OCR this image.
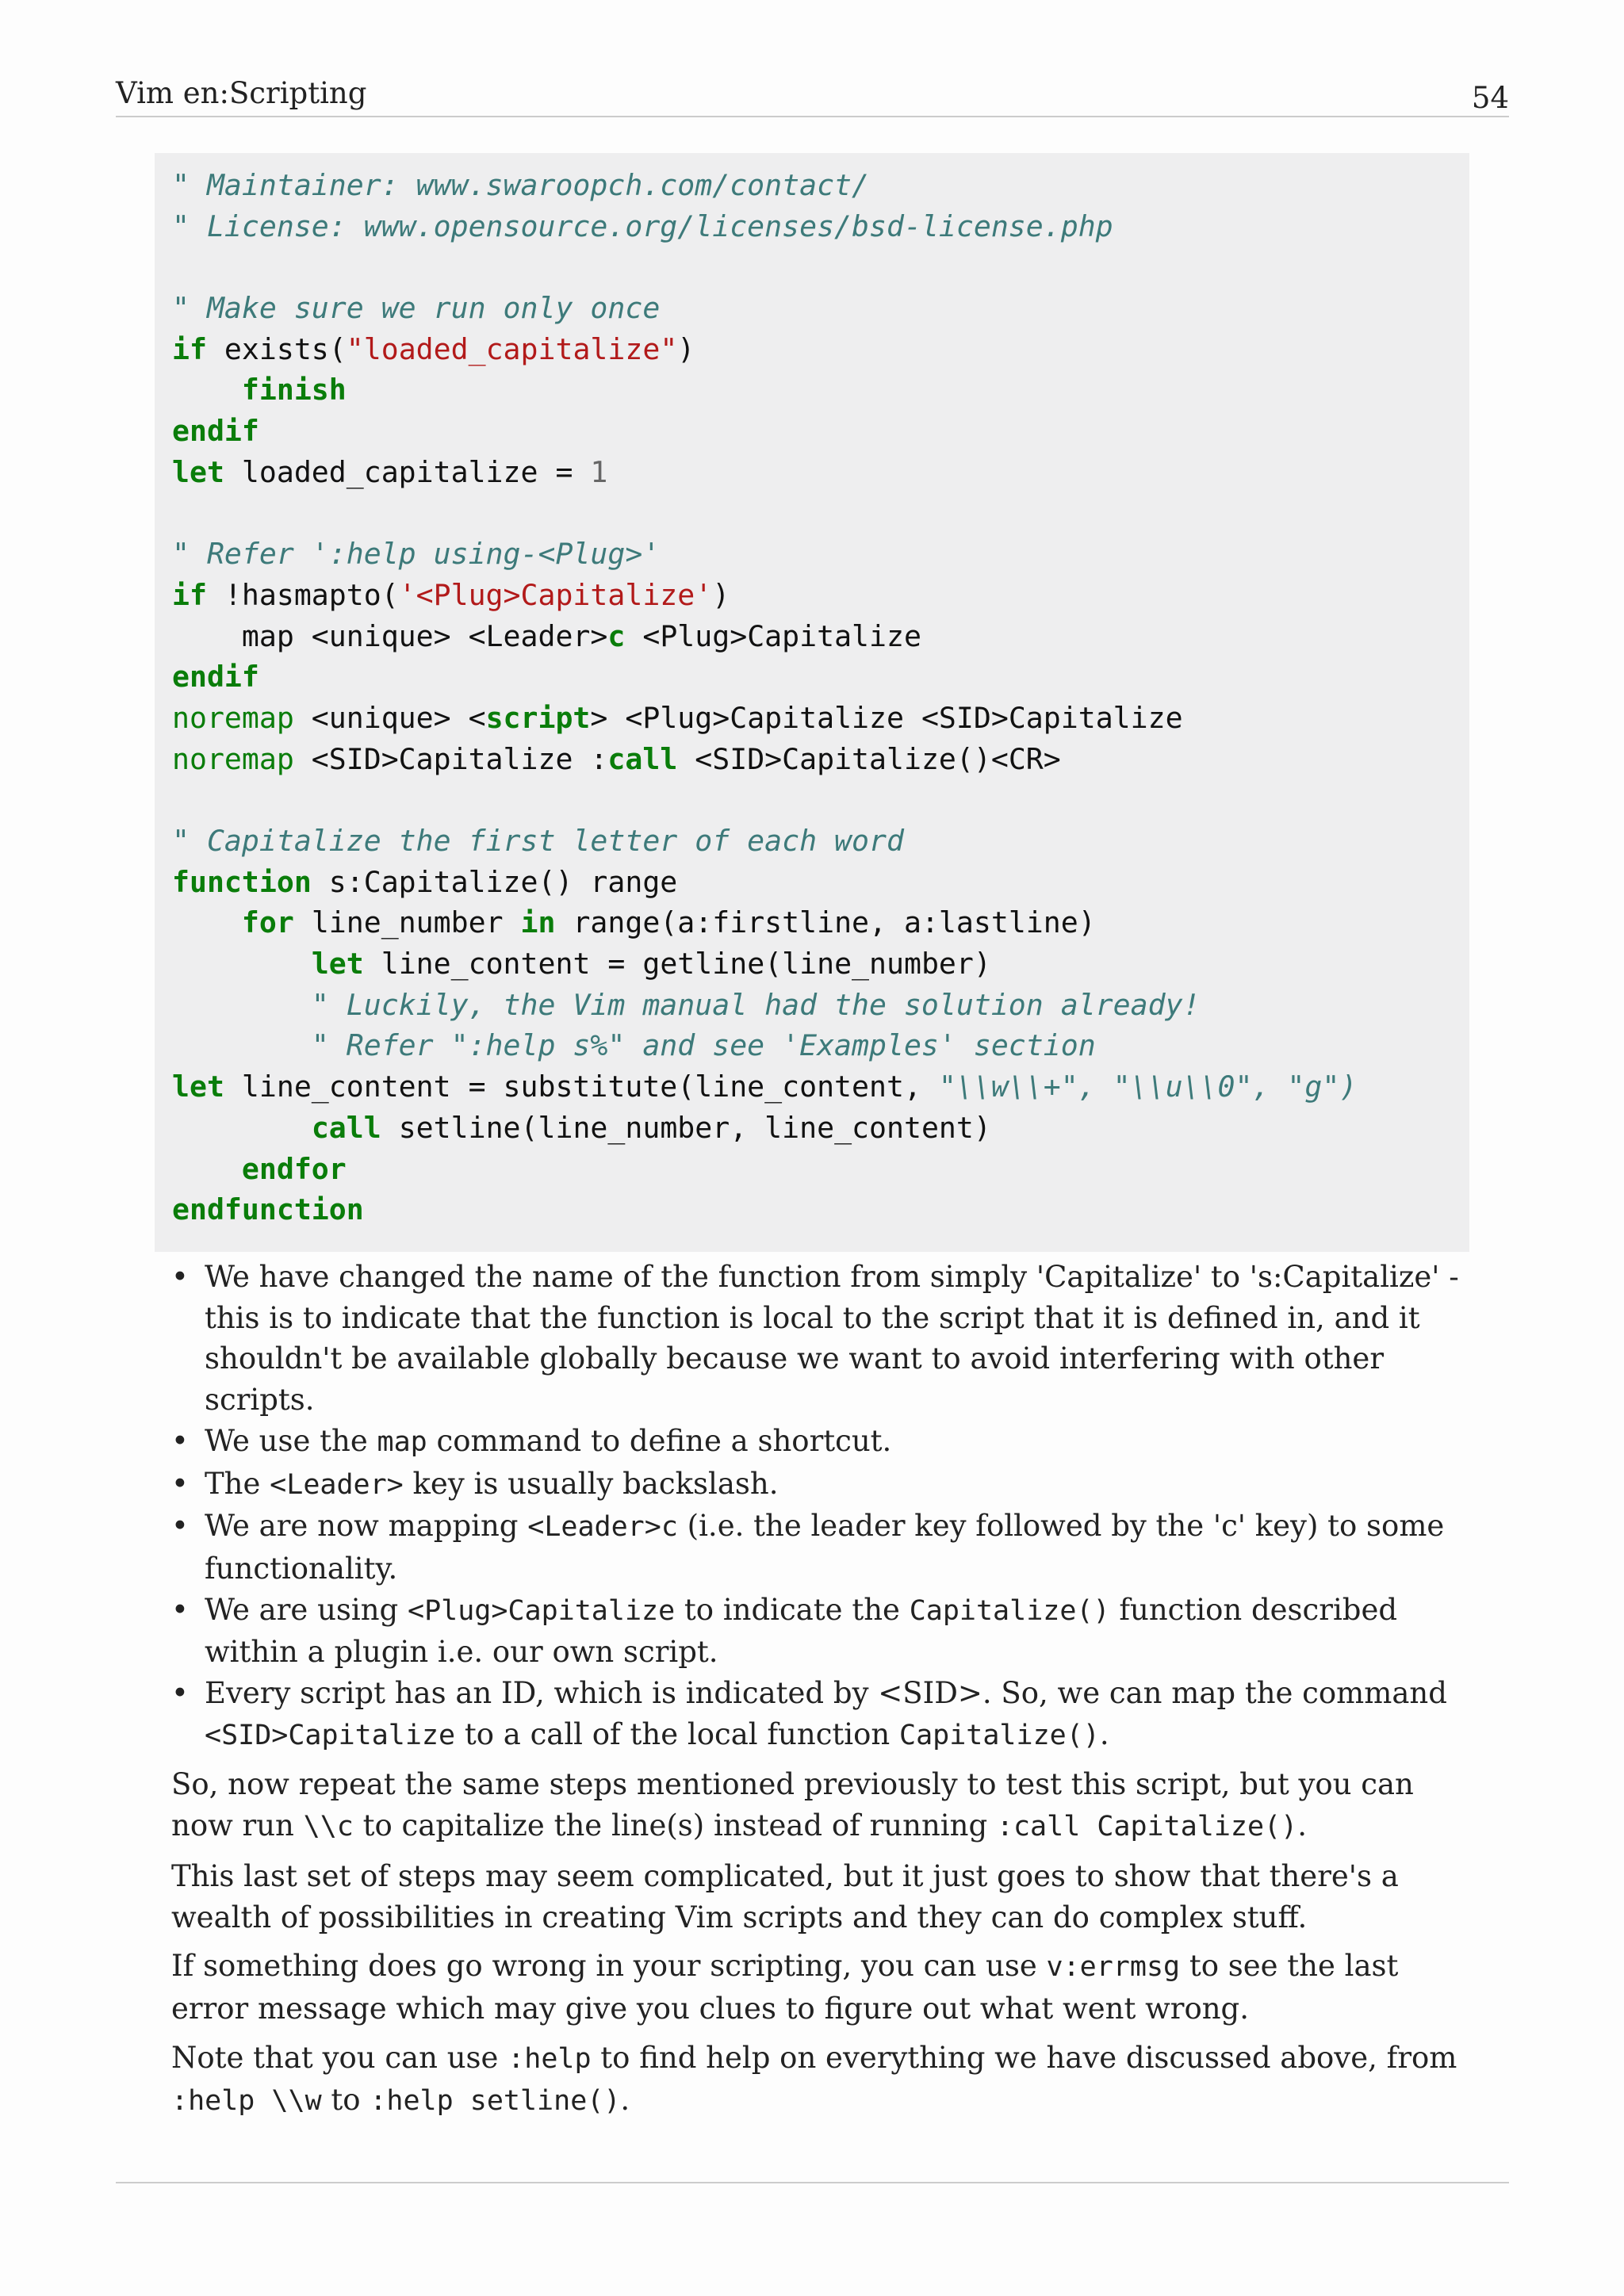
Vim en:Scripting	54
" Maintainer: www.swaroopch.com/contact/
" License: www.opensource.org/licenses/bsd-license.php
" Make sure we run only once
if exists("loaded_capitalize")
finish
endif
let loaded_capitalize = 1
" Refer ':help using-<Plug>'
if !hasmapto('<Plug>Capitalize')
map <unique> <Leader>c <Plug>Capitalize
endif
noremap <unique> <script> <Plug>Capitalize <SID>Capitalize
noremap <SID>Capitalize :call <SID>Capitalize()<CR>
" Capitalize the first letter of each word
function s:Capitalize() range
for line_number in range(a:firstline, a:lastline)
let line_content = getline(line_number)
" Luckily, the Vim manual had the solution already!
" Refer ":help s%" and see 'Examples' section
let line_content = substitute(line_content, "\\w\\+", "\\u\\0", "g")
call setline(line_number, line_content)
endfor
endfunction
• We have changed the name of the function from simply 'Capitalize' to 's:Capitalize' - this is to indicate that the function is local to the script that it is defined in, and it shouldn't be available globally because we want to avoid interfering with other scripts.
• We use the map command to define a shortcut.
• The <Leader> key is usually backslash.
• We are now mapping <Leader>c (i.e. the leader key followed by the 'c' key) to some functionality.
• We are using <Plug>Capitalize to indicate the Capitalize() function described within a plugin i.e. our own script.
• Every script has an ID, which is indicated by <SID>. So, we can map the command <SID>Capitalize to a call of the local function Capitalize().

So, now repeat the same steps mentioned previously to test this script, but you can now run \\c to capitalize the line(s) instead of running :call Capitalize().

This last set of steps may seem complicated, but it just goes to show that there's a wealth of possibilities in creating Vim scripts and they can do complex stuff.

If something does go wrong in your scripting, you can use v:errmsg to see the last error message which may give you clues to figure out what went wrong.

Note that you can use :help to find help on everything we have discussed above, from :help \\w to :help setline().
